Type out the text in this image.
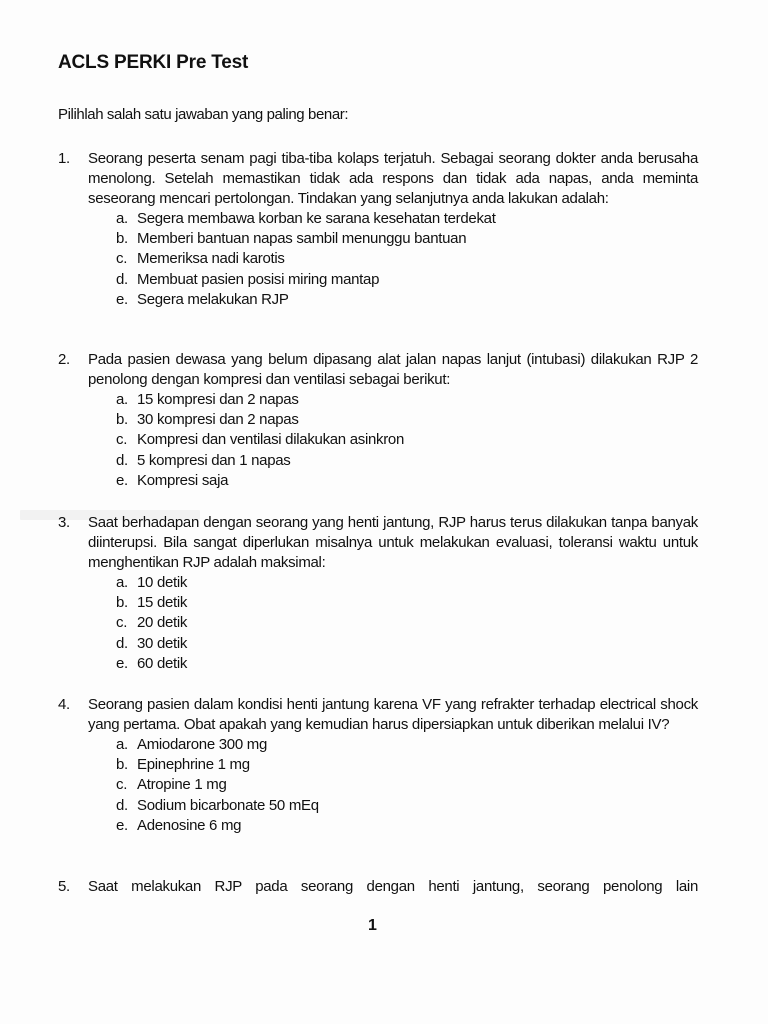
ACLS PERKI Pre Test
Pilihlah salah satu jawaban yang paling benar:
1.	Seorang peserta senam pagi tiba-tiba kolaps terjatuh. Sebagai seorang dokter anda berusaha menolong. Setelah memastikan tidak ada respons dan tidak ada napas, anda meminta seseorang mencari pertolongan. Tindakan yang selanjutnya anda lakukan adalah:
a. Segera membawa korban ke sarana kesehatan terdekat
b. Memberi bantuan napas sambil menunggu bantuan
c. Memeriksa nadi karotis
d. Membuat pasien posisi miring mantap
e. Segera melakukan RJP
2.	Pada pasien dewasa yang belum dipasang alat jalan napas lanjut (intubasi) dilakukan RJP 2 penolong dengan kompresi dan ventilasi sebagai berikut:
a. 15 kompresi dan 2 napas
b. 30 kompresi dan 2 napas
c. Kompresi dan ventilasi dilakukan asinkron
d. 5 kompresi dan 1 napas
e. Kompresi saja
3.	Saat berhadapan dengan seorang yang henti jantung, RJP harus terus dilakukan tanpa banyak diinterupsi. Bila sangat diperlukan misalnya untuk melakukan evaluasi, toleransi waktu untuk menghentikan RJP adalah maksimal:
a. 10 detik
b. 15 detik
c. 20 detik
d. 30 detik
e. 60 detik
4.	Seorang pasien dalam kondisi henti jantung karena VF yang refrakter terhadap electrical shock yang pertama. Obat apakah yang kemudian harus dipersiapkan untuk diberikan melalui IV?
a. Amiodarone 300 mg
b. Epinephrine 1 mg
c. Atropine 1 mg
d. Sodium bicarbonate 50 mEq
e. Adenosine 6 mg
5.	Saat melakukan RJP pada seorang dengan henti jantung, seorang penolong lain
1
